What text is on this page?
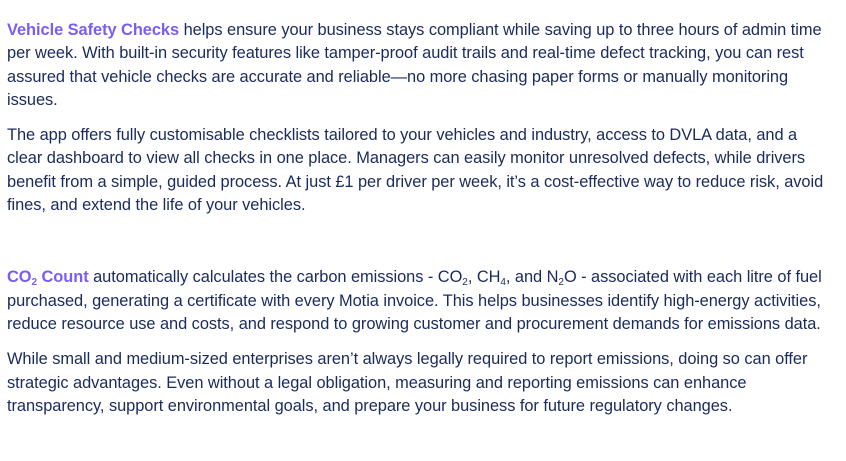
Vehicle Safety Checks helps ensure your business stays compliant while saving up to three hours of admin time per week. With built-in security features like tamper-proof audit trails and real-time defect tracking, you can rest assured that vehicle checks are accurate and reliable—no more chasing paper forms or manually monitoring issues.

The app offers fully customisable checklists tailored to your vehicles and industry, access to DVLA data, and a clear dashboard to view all checks in one place. Managers can easily monitor unresolved defects, while drivers benefit from a simple, guided process. At just £1 per driver per week, it’s a cost-effective way to reduce risk, avoid fines, and extend the life of your vehicles.

$CO_2$ Count automatically calculates the carbon emissions - $CO_2$, $CH_4$, and $N_2O$ - associated with each litre of fuel purchased, generating a certificate with every Motia invoice. This helps businesses identify high-energy activities, reduce resource use and costs, and respond to growing customer and procurement demands for emissions data.

While small and medium-sized enterprises aren’t always legally required to report emissions, doing so can offer strategic advantages. Even without a legal obligation, measuring and reporting emissions can enhance transparency, support environmental goals, and prepare your business for future regulatory changes.
